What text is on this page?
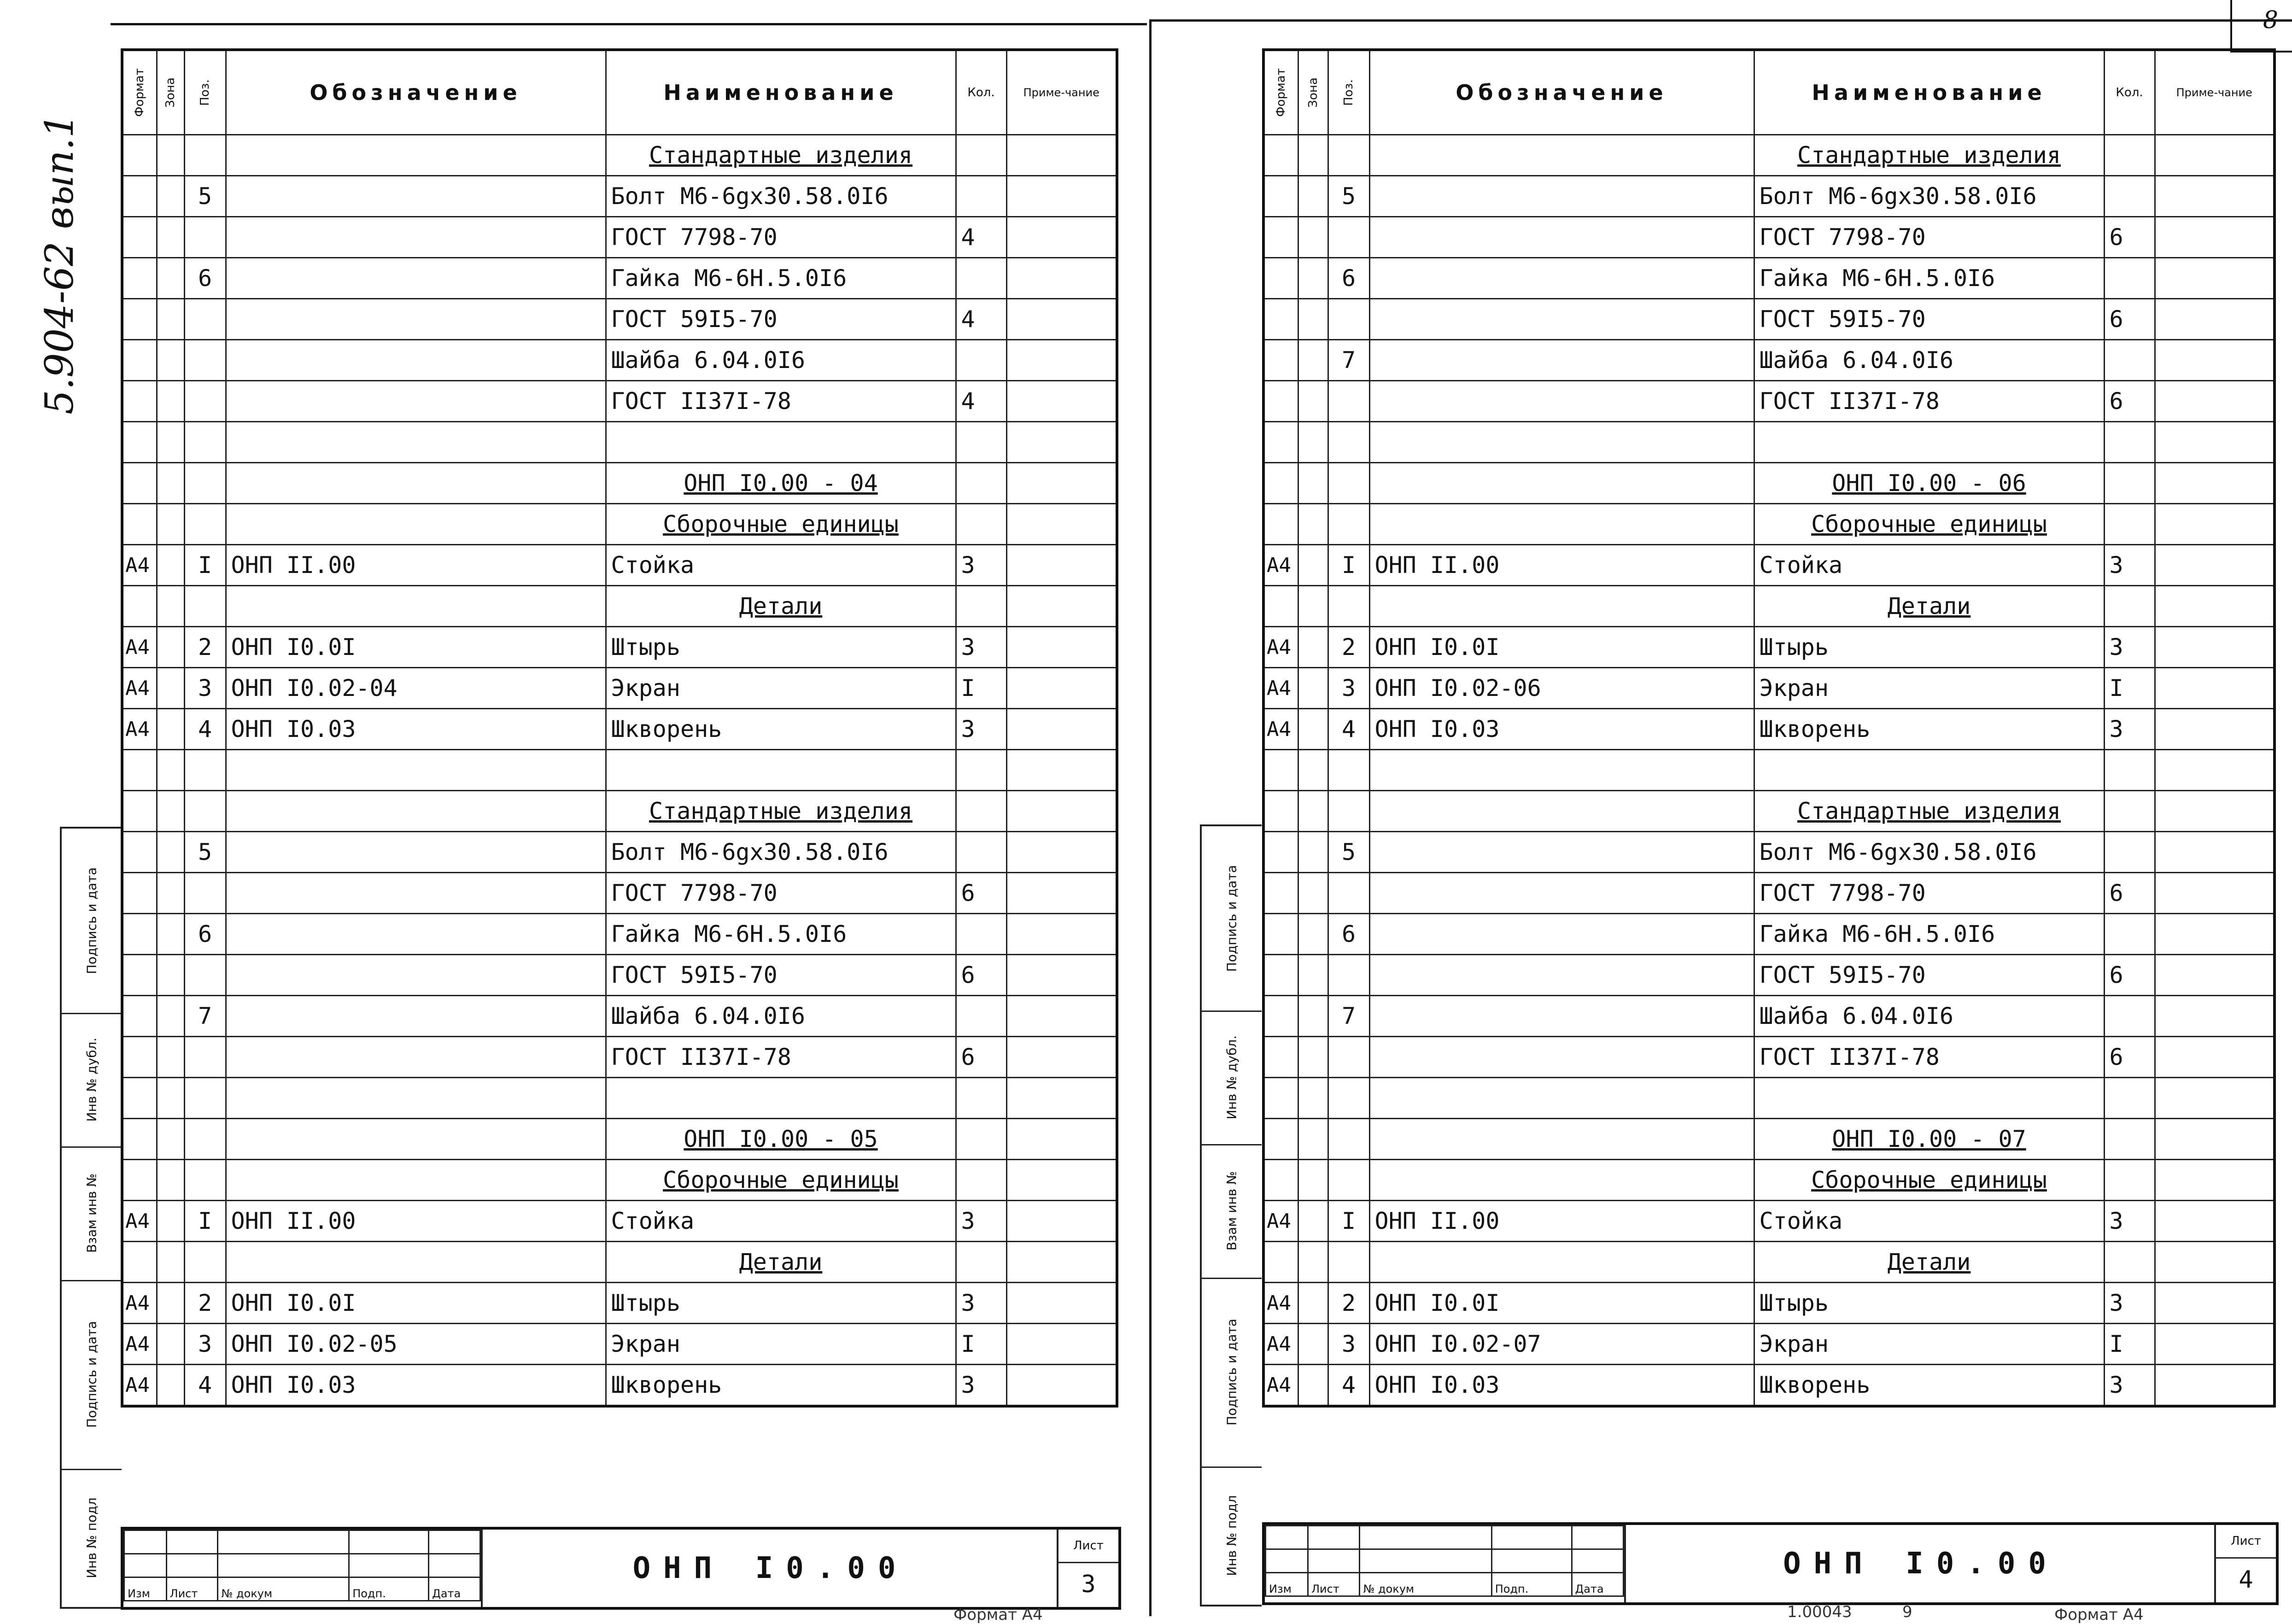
8
5.904-62 вып.1
Подпись и дата
Инв № дубл.
Взам инв №
Подпись и дата
Инв № подл
Формат	Зона	Поз.	Обозначение	Наименование	Кол.	Приме-чание
				Стандартные изделия		
		5		Болт М6-6gх30.58.0I6		
				ГОСТ 7798-70	4	
		6		Гайка М6-6Н.5.0I6		
				ГОСТ 59I5-70	4	
				Шайба 6.04.0I6		
				ГОСТ II37I-78	4	

				ОНП I0.00 - 04		
				Сборочные единицы		
А4		I	ОНП II.00	Стойка	3	
				Детали		
А4		2	ОНП I0.0I	Штырь	3	
А4		3	ОНП I0.02-04	Экран	I	
А4		4	ОНП I0.03	Шкворень	3	

				Стандартные изделия		
		5		Болт М6-6gх30.58.0I6		
				ГОСТ 7798-70	6	
		6		Гайка М6-6Н.5.0I6		
				ГОСТ 59I5-70	6	
		7		Шайба 6.04.0I6		
				ГОСТ II37I-78	6	

				ОНП I0.00 - 05		
				Сборочные единицы		
А4		I	ОНП II.00	Стойка	3	
				Детали		
А4		2	ОНП I0.0I	Штырь	3	
А4		3	ОНП I0.02-05	Экран	I	
А4		4	ОНП I0.03	Шкворень	3	

Изм	Лист	№ докум	Подп.	Дата
ОНП I0.00
Лист
3
Формат А4
Подпись и дата
Инв № дубл.
Взам инв №
Подпись и дата
Инв № подл
Формат	Зона	Поз.	Обозначение	Наименование	Кол.	Приме-чание
				Стандартные изделия		
		5		Болт М6-6gх30.58.0I6		
				ГОСТ 7798-70	6	
		6		Гайка М6-6Н.5.0I6		
				ГОСТ 59I5-70	6	
		7		Шайба 6.04.0I6		
				ГОСТ II37I-78	6	

				ОНП I0.00 - 06		
				Сборочные единицы		
А4		I	ОНП II.00	Стойка	3	
				Детали		
А4		2	ОНП I0.0I	Штырь	3	
А4		3	ОНП I0.02-06	Экран	I	
А4		4	ОНП I0.03	Шкворень	3	

				Стандартные изделия		
		5		Болт М6-6gх30.58.0I6		
				ГОСТ 7798-70	6	
		6		Гайка М6-6Н.5.0I6		
				ГОСТ 59I5-70	6	
		7		Шайба 6.04.0I6		
				ГОСТ II37I-78	6	

				ОНП I0.00 - 07		
				Сборочные единицы		
А4		I	ОНП II.00	Стойка	3	
				Детали		
А4		2	ОНП I0.0I	Штырь	3	
А4		3	ОНП I0.02-07	Экран	I	
А4		4	ОНП I0.03	Шкворень	3	

Изм	Лист	№ докум	Подп.	Дата
ОНП I0.00
Лист
4
1.00043	9	Формат А4
